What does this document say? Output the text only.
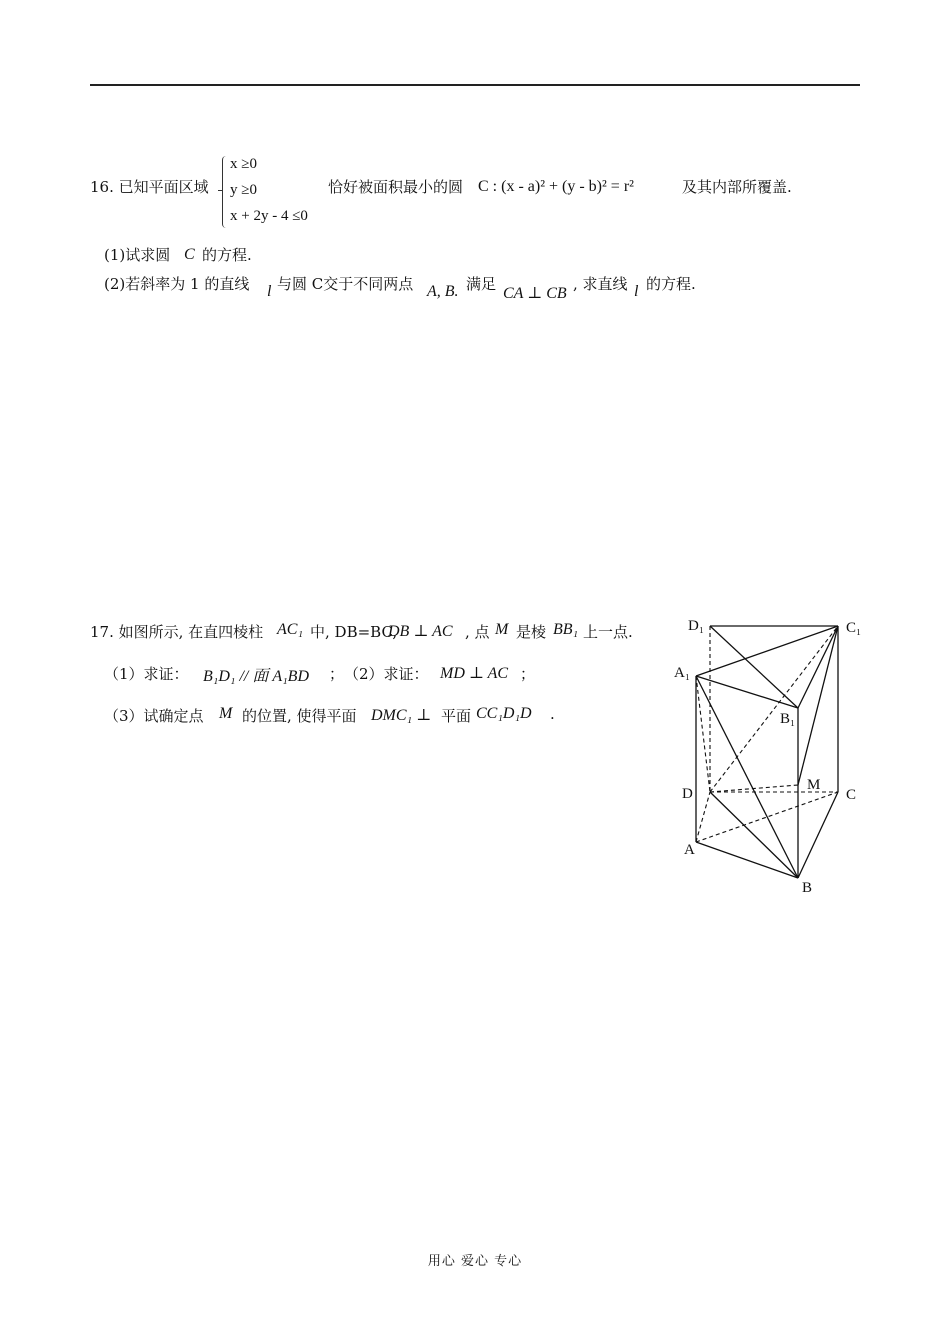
16. 已知平面区域
x ≥0
y ≥0
x + 2y - 4 ≤0
恰好被面积最小的圆 C : (x - a)² + (y - b)² = r²	及其内部所覆盖.
(1)试求圆 C 的方程.
(2)若斜率为 1 的直线 l 与圆 C交于不同两点 A, B. 满足
CA ⊥ CB
, 求直线 l 的方程.
17. 如图所示, 在直四棱柱 AC₁ 中, DB=BC,
DB ⊥ AC , 点 M 是棱 BB₁ 上一点.
（1）求证： B₁D₁ // 面 A₁BD ； （2）求证： MD ⊥ AC ；
（3）试确定点 M 的位置, 使得平面 DMC₁ ⊥ 平面 CC₁D₁D .
D₁	C₁
A₁
B₁
D
M
C
A
B
用心 爱心 专心
